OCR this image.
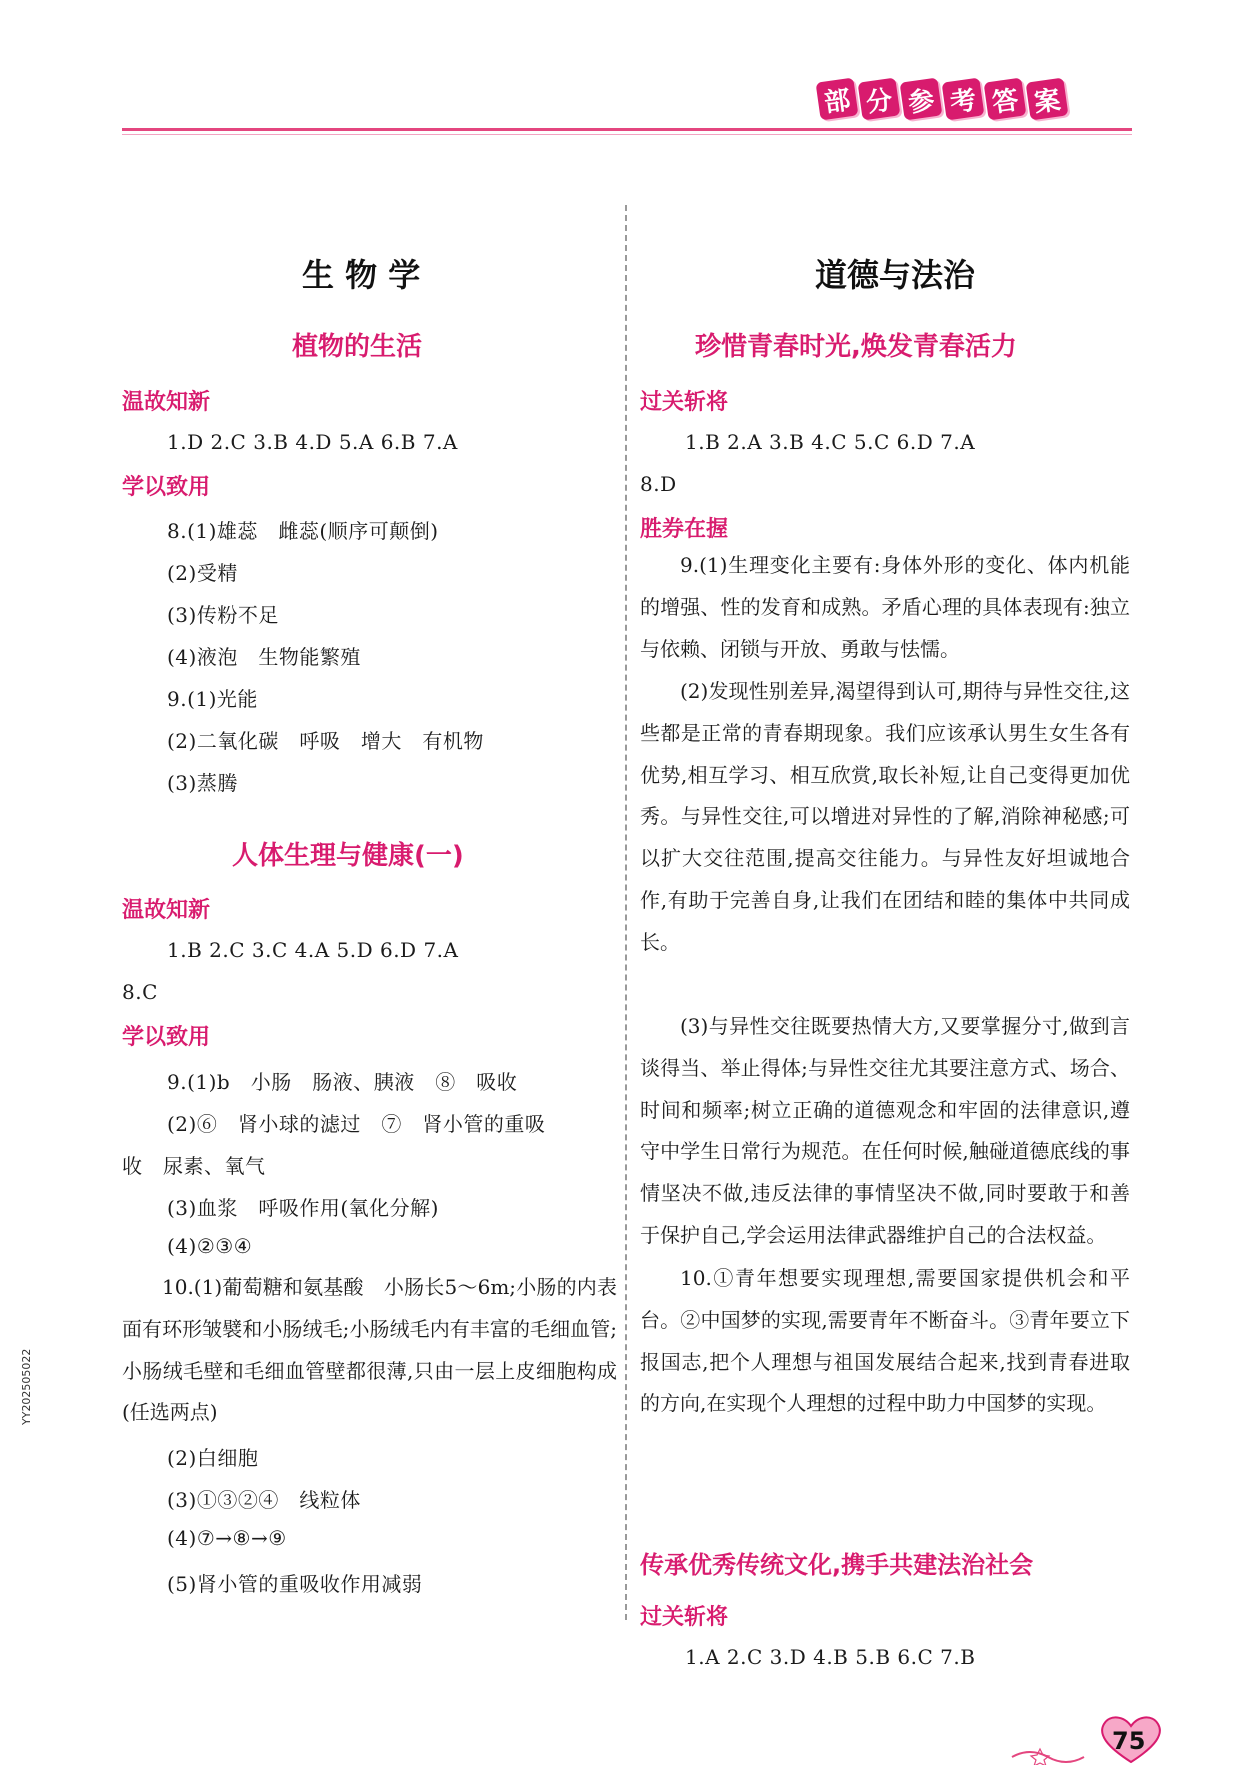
部 分 参 考 答 案
生 物 学
植物的生活
温故知新
1.D 2.C 3.B 4.D 5.A 6.B 7.A
学以致用
8.(1)雄蕊　雌蕊(顺序可颠倒)
(2)受精
(3)传粉不足
(4)液泡　生物能繁殖
9.(1)光能
(2)二氧化碳　呼吸　增大　有机物
(3)蒸腾
人体生理与健康(一)
温故知新
1.B 2.C 3.C 4.A 5.D 6.D 7.A
8.C
学以致用
9.(1)b　小肠　肠液、胰液　⑧　吸收
(2)⑥　肾小球的滤过　⑦　肾小管的重吸
收　尿素、氧气
(3)血浆　呼吸作用(氧化分解)
(4)②③④
10.(1)葡萄糖和氨基酸　小肠长5～6m;小肠的内表面有环形皱襞和小肠绒毛;小肠绒毛内有丰富的毛细血管;小肠绒毛壁和毛细血管壁都很薄,只由一层上皮细胞构成(任选两点)
(2)白细胞
(3)①③②④　线粒体
(4)⑦→⑧→⑨
(5)肾小管的重吸收作用减弱
道德与法治
珍惜青春时光,焕发青春活力
过关斩将
1.B 2.A 3.B 4.C 5.C 6.D 7.A
8.D
胜券在握
9.(1)生理变化主要有:身体外形的变化、体内机能的增强、性的发育和成熟。矛盾心理的具体表现有:独立与依赖、闭锁与开放、勇敢与怯懦。
(2)发现性别差异,渴望得到认可,期待与异性交往,这些都是正常的青春期现象。我们应该承认男生女生各有优势,相互学习、相互欣赏,取长补短,让自己变得更加优秀。与异性交往,可以增进对异性的了解,消除神秘感;可以扩大交往范围,提高交往能力。与异性友好坦诚地合作,有助于完善自身,让我们在团结和睦的集体中共同成长。
(3)与异性交往既要热情大方,又要掌握分寸,做到言谈得当、举止得体;与异性交往尤其要注意方式、场合、时间和频率;树立正确的道德观念和牢固的法律意识,遵守中学生日常行为规范。在任何时候,触碰道德底线的事情坚决不做,违反法律的事情坚决不做,同时要敢于和善于保护自己,学会运用法律武器维护自己的合法权益。
10.①青年想要实现理想,需要国家提供机会和平台。②中国梦的实现,需要青年不断奋斗。③青年要立下报国志,把个人理想与祖国发展结合起来,找到青春进取的方向,在实现个人理想的过程中助力中国梦的实现。
传承优秀传统文化,携手共建法治社会
过关斩将
1.A 2.C 3.D 4.B 5.B 6.C 7.B
YY202505022
75
